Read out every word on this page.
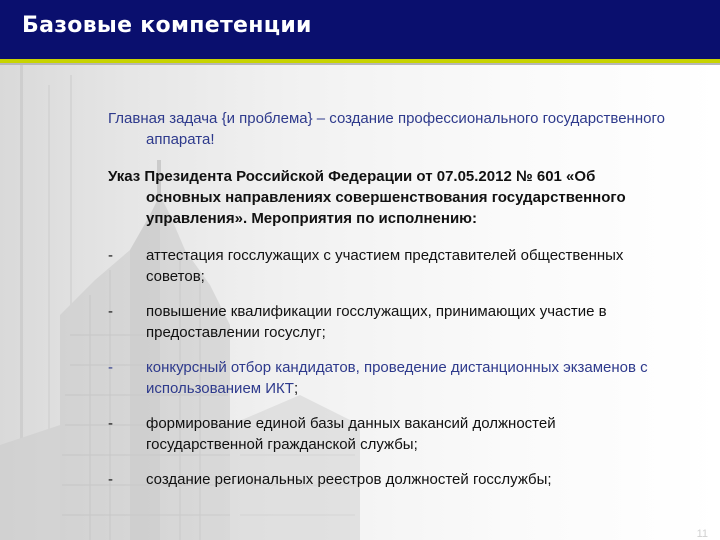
Базовые компетенции

Главная задача {и проблема} – создание профессионального государственного аппарата!

Указ Президента Российской Федерации от 07.05.2012 № 601 «Об основных направлениях совершенствования государственного управления». Мероприятия по исполнению:

- аттестация госслужащих с участием представителей общественных советов;
- повышение квалификации госслужащих, принимающих участие в предоставлении госуслуг;
- конкурсный отбор кандидатов, проведение дистанционных экзаменов с использованием ИКТ;
- формирование единой базы данных вакансий должностей государственной гражданской службы;
- создание региональных реестров должностей госслужбы;
11
